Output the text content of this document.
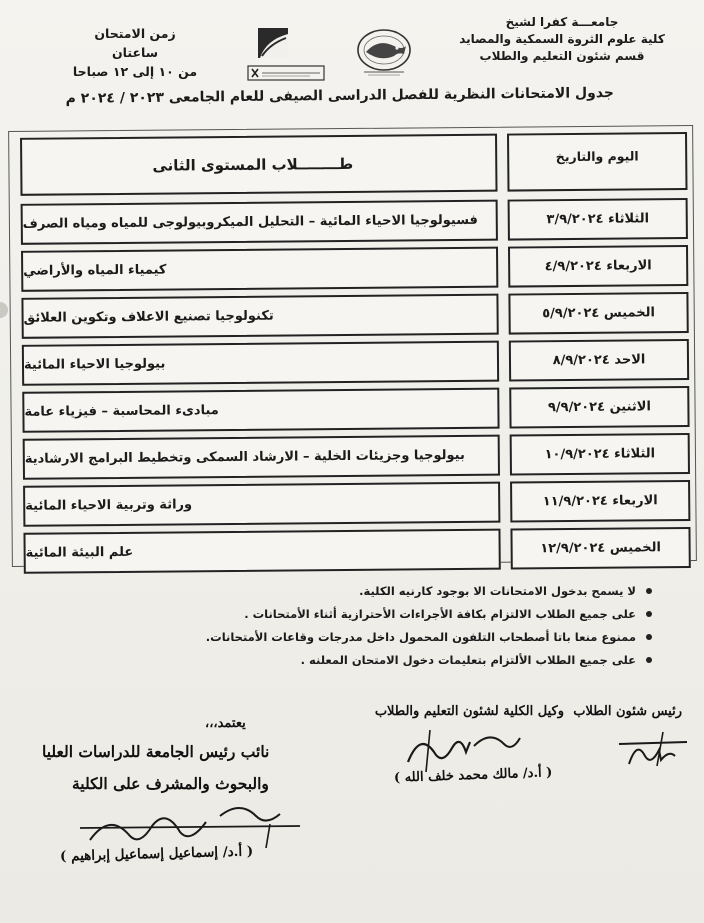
جامعـــة كفرا لشيخ
كلية علوم الثروة السمكية والمصايد
قسم شئون التعليم والطلاب
زمن الامتحان
ساعتان
من ١٠ إلى ١٢ صباحا
جدول الامتحانات النظرية للفصل الدراسى الصيفى للعام الجامعى ٢٠٢٣ / ٢٠٢٤ م
اليوم والتاريخ
طــــــــلاب المستوى الثانى
الثلاثاء ٣/٩/٢٠٢٤
فسيولوجيا الاحياء المائية – التحليل الميكروبيولوجى للمياه ومياه الصرف
الاربعاء ٤/٩/٢٠٢٤
كيمياء المياه والأراضي
الخميس ٥/٩/٢٠٢٤
تكنولوجيا تصنيع الاعلاف وتكوين العلائق
الاحد ٨/٩/٢٠٢٤
بيولوجيا الاحياء المائية
الاثنين ٩/٩/٢٠٢٤
مبادىء المحاسبة – فيزياء عامة
الثلاثاء ١٠/٩/٢٠٢٤
بيولوجيا وجزيئات الخلية – الارشاد السمكى وتخطيط البرامج الارشادية
الاربعاء ١١/٩/٢٠٢٤
وراثة وتربية الاحياء المائية
الخميس ١٢/٩/٢٠٢٤
علم البيئة المائية
لا يسمح بدخول الامتحانات الا بوجود كارنيه الكلية.
على جميع الطلاب الالتزام بكافة الأجراءات الأحترازية أثناء الأمتحانات .
ممنوع منعا باتا أصطحاب التلفون المحمول داخل مدرجات وقاعات الأمتحانات.
على جميع الطلاب الألتزام بتعليمات دخول الامتحان المعلنه .
رئيس شئون الطلاب
وكيل الكلية لشئون التعليم والطلاب
( أ.د/ مالك محمد خلف الله )
يعتمد،،،
نائب رئيس الجامعة للدراسات العليا
والبحوث والمشرف على الكلية
( أ.د/ إسماعيل إسماعيل إبراهيم )
